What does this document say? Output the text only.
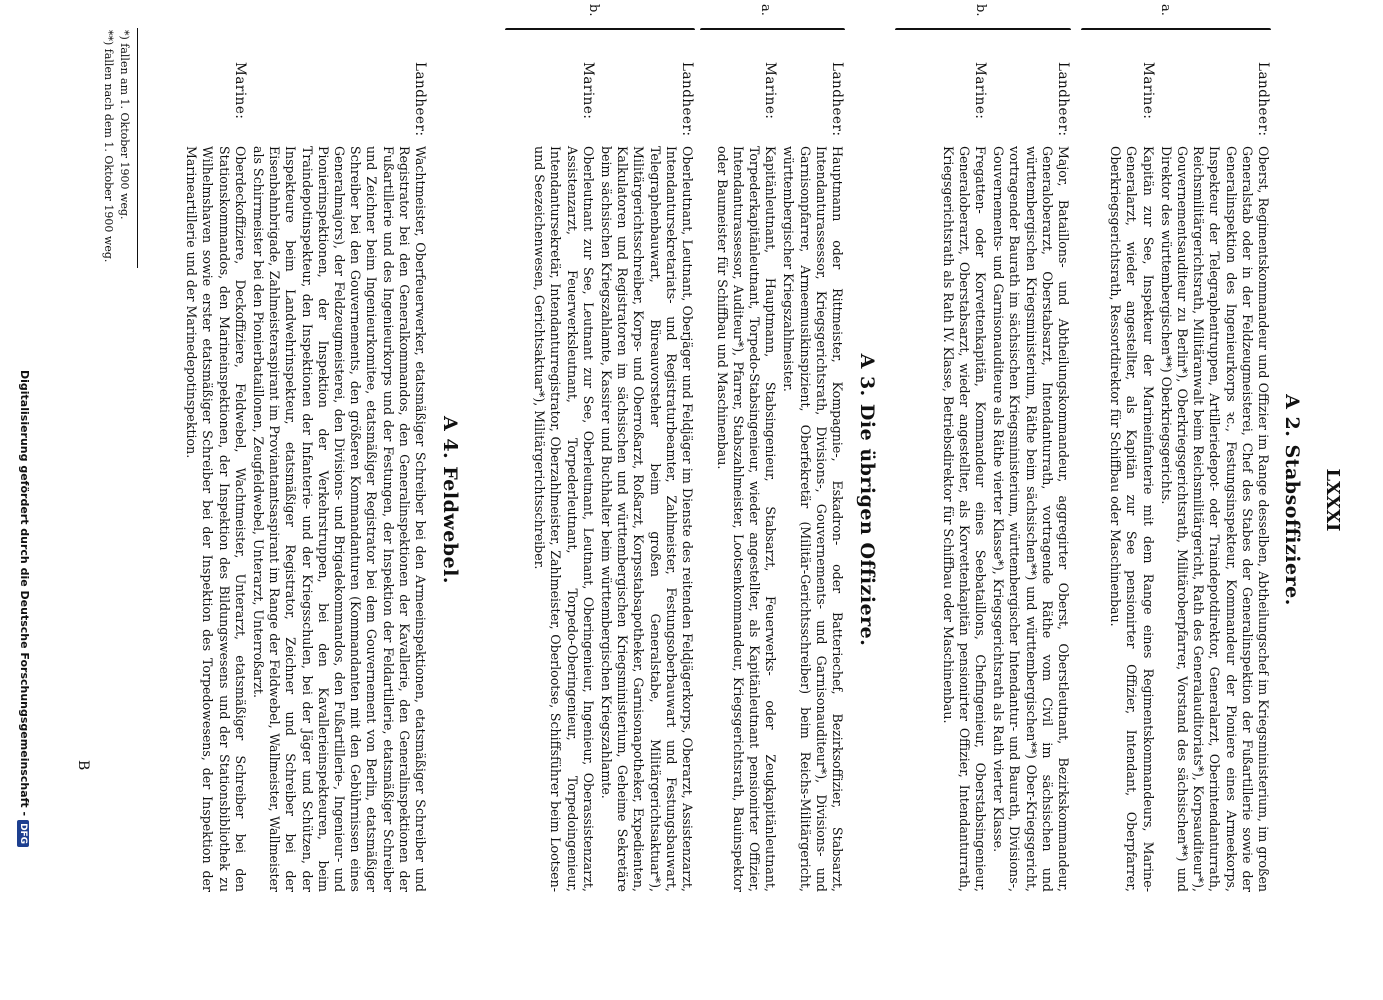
LXXXI
A 2. Stabsoffiziere.
a.
Landheer:
Oberst, Regimentskommandeur und Offizier im Range desselben, Abtheilungschef im Kriegsministerium, im großen Generalstab oder in der Feldzeugmeisterei, Chef des Stabes der Generalinspektion der Fußartillerie sowie der Generalinspektion des Ingenieurkorps ꝛc., Festungsinspekteur, Kommandeur der Pioniere eines Armeekorps, Inspekteur der Telegraphentruppen, Artilleriedepot- oder Traindepotdirektor, Generalarzt, Oberintendanturrath, Reichsmilitärgerichtsrath, Militäranwalt beim Reichsmilitärgericht, Rath des Generalauditoriats*), Korpsauditeur*), Gouvernementsauditeur zu Berlin*), Oberkriegsgerichtsrath, Militäroberpfarrer, Vorstand des sächsischen**) und Direktor des württembergischen**) Oberkriegsgerichts.
Marine:
Kapitän zur See, Inspekteur der Marineinfanterie mit dem Range eines Regimentskommandeurs, Marine-Generalarzt, wieder angestellter, als Kapitän zur See pensionirter Offizier, Intendant, Oberpfarrer, Oberkriegsgerichtsrath, Ressortdirektor für Schiffbau oder Maschinenbau.
b.
Landheer:
Major, Bataillons- und Abtheilungskommandeur, aggregirter Oberst, Oberstleutnant, Bezirkskommandeur, Generaloberarzt, Oberstabsarzt, Intendanturrath, vortragende Räthe vom Civil im sächsischen und württembergischen Kriegsministerium, Räthe beim sächsischen**) und württembergischen**) Ober-Kriegsgericht, vortragender Baurath im sächsischen Kriegsministerium, württembergischer Intendantur- und Baurath, Divisions-, Gouvernements- und Garnisonauditeure als Räthe vierter Klasse*), Kriegsgerichtsrath als Rath vierter Klasse.
Marine:
Fregatten- oder Korvettenkapitän, Kommandeur eines Seebataillons, Chefingenieur, Oberstabsingenieur, Generaloberarzt, Oberstabsarzt, wieder angestellter, als Korvettenkapitän pensionirter Offizier, Intendanturrath, Kriegsgerichtsrath als Rath IV. Klasse, Betriebsdirektor für Schiffbau oder Maschinenbau.
A 3. Die übrigen Offiziere.
a.
Landheer:
Hauptmann oder Rittmeister, Kompagnie-, Eskadron- oder Batteriechef, Bezirksoffizier, Stabsarzt, Intendanturassessor, Kriegsgerichtsrath, Divisions-, Gouvernements- und Garnisonauditeur*), Divisions- und Garnisonpfarrer, Armeemusikinspizient, Oberfekretär (Militär-Gerichtsschreiber) beim Reichs-Militärgericht, württembergischer Kriegszahlmeister.
Marine:
Kapitänleutnant, Hauptmann, Stabsingenieur, Stabsarzt, Feuerwerks- oder Zeugkapitänleutnant, Torpederkapitänleutnant, Torpedo-Stabsingenieur, wieder angestellter, als Kapitänleutnant pensionirter Offizier, Intendanturassessor, Auditeur*), Pfarrer, Stabszahlmeister, Lootsenkommandeur, Kriegsgerichtsrath, Bauinspektor oder Baumeister für Schiffbau und Maschinenbau.
b.
Landheer:
Oberleutnant, Leutnant, Oberjäger und Feldjäger im Dienste des reitenden Feldjägerkorps, Oberarzt, Assistenzarzt, Intendantursekretariats- und Registraturbeamter, Zahlmeister, Festungsoberbauwart und Festungsbauwart, Telegraphenbauwart, Büreauvorsteher beim großen Generalstabe, Militärgerichtsaktuar*), Militärgerichtsschreiber, Korps- und Oberroßarzt, Roßarzt, Korpsstabsapotheker, Garnisonapotheker, Expedienten, Kalkulatoren und Registratoren im sächsischen und württembergischen Kriegsministerium, Geheime Sekretäre beim sächsischen Kriegszahlamte, Kassirer und Buchhalter beim württembergischen Kriegszahlamte.
Marine:
Oberleutnant zur See, Leutnant zur See, Oberleutnant, Leutnant, Oberingenieur, Ingenieur, Oberassistenzarzt, Assistenzarzt, Feuerwerksleutnant, Torpederleutnant, Torpedo-Oberingenieur, Torpedoingenieur, Intendantursekretär, Intendanturregistrator, Oberzahlmeister, Zahlmeister, Oberlootse, Schiffsführer beim Lootsen- und Seezeichenwesen, Gerichtsaktuar*), Militärgerichtsschreiber.
A 4. Feldwebel.
Landheer:
Wachtmeister, Oberfeuerwerker, etatsmäßiger Schreiber bei den Armeeinspektionen, etatsmäßiger Schreiber und Registrator bei den Generalkommandos, den Generalinspektionen der Kavallerie, den Generalinspektionen der Fußartillerie und des Ingenieurkorps und der Festungen, der Inspektion der Feldartillerie, etatsmäßiger Schreiber und Zeichner beim Ingenieurkomitee, etatsmäßiger Registrator bei dem Gouvernement von Berlin, etatsmäßiger Schreiber bei den Gouvernements, den größeren Kommandanturen (Kommandanten mit den Gebührnissen eines Generalmajors), der Feldzeugmeisterei, den Divisions- und Brigadekommandos, den Fußartillerie-, Ingenieur- und Pionierinspektionen, der Inspektion der Verkehrstruppen, bei den Kavallerieinspekteuren, beim Traindepotinspekteur, den Inspektionen der Infanterie- und der Kriegsschulen, bei der Jäger und Schützen, der Inspekteure beim Landwehrinspekteur, etatsmäßiger Registrator, Zeichner und Schreiber bei der Eisenbahnbrigade, Zahlmeisteraspirant im Proviantamtsaspirant im Range der Feldwebel, Wallmeister, Wallmeister als Schirrmeister bei den Pionierbataillonen, Zeugfeldwebel, Unterarzt, Unterroßarzt.
Marine:
Oberdeckoffiziere, Deckoffiziere, Feldwebel, Wachtmeister, Unterarzt, etatsmäßiger Schreiber bei den Stationskommandos, den Marineinspektionen, der Inspektion des Bildungswesens und der Stationsbibliothek zu Wilhelmshaven sowie erster etatsmäßiger Schreiber bei der Inspektion des Torpedowesens, der Inspektion der Marineartillerie und der Marinedepotinspektion.
*) fallen am 1. Oktober 1900 weg.
**) fallen nach dem 1. Oktober 1900 weg.
B
Digitalisierung gefördert durch die Deutsche Forschungsgemeinschaft -DFG
